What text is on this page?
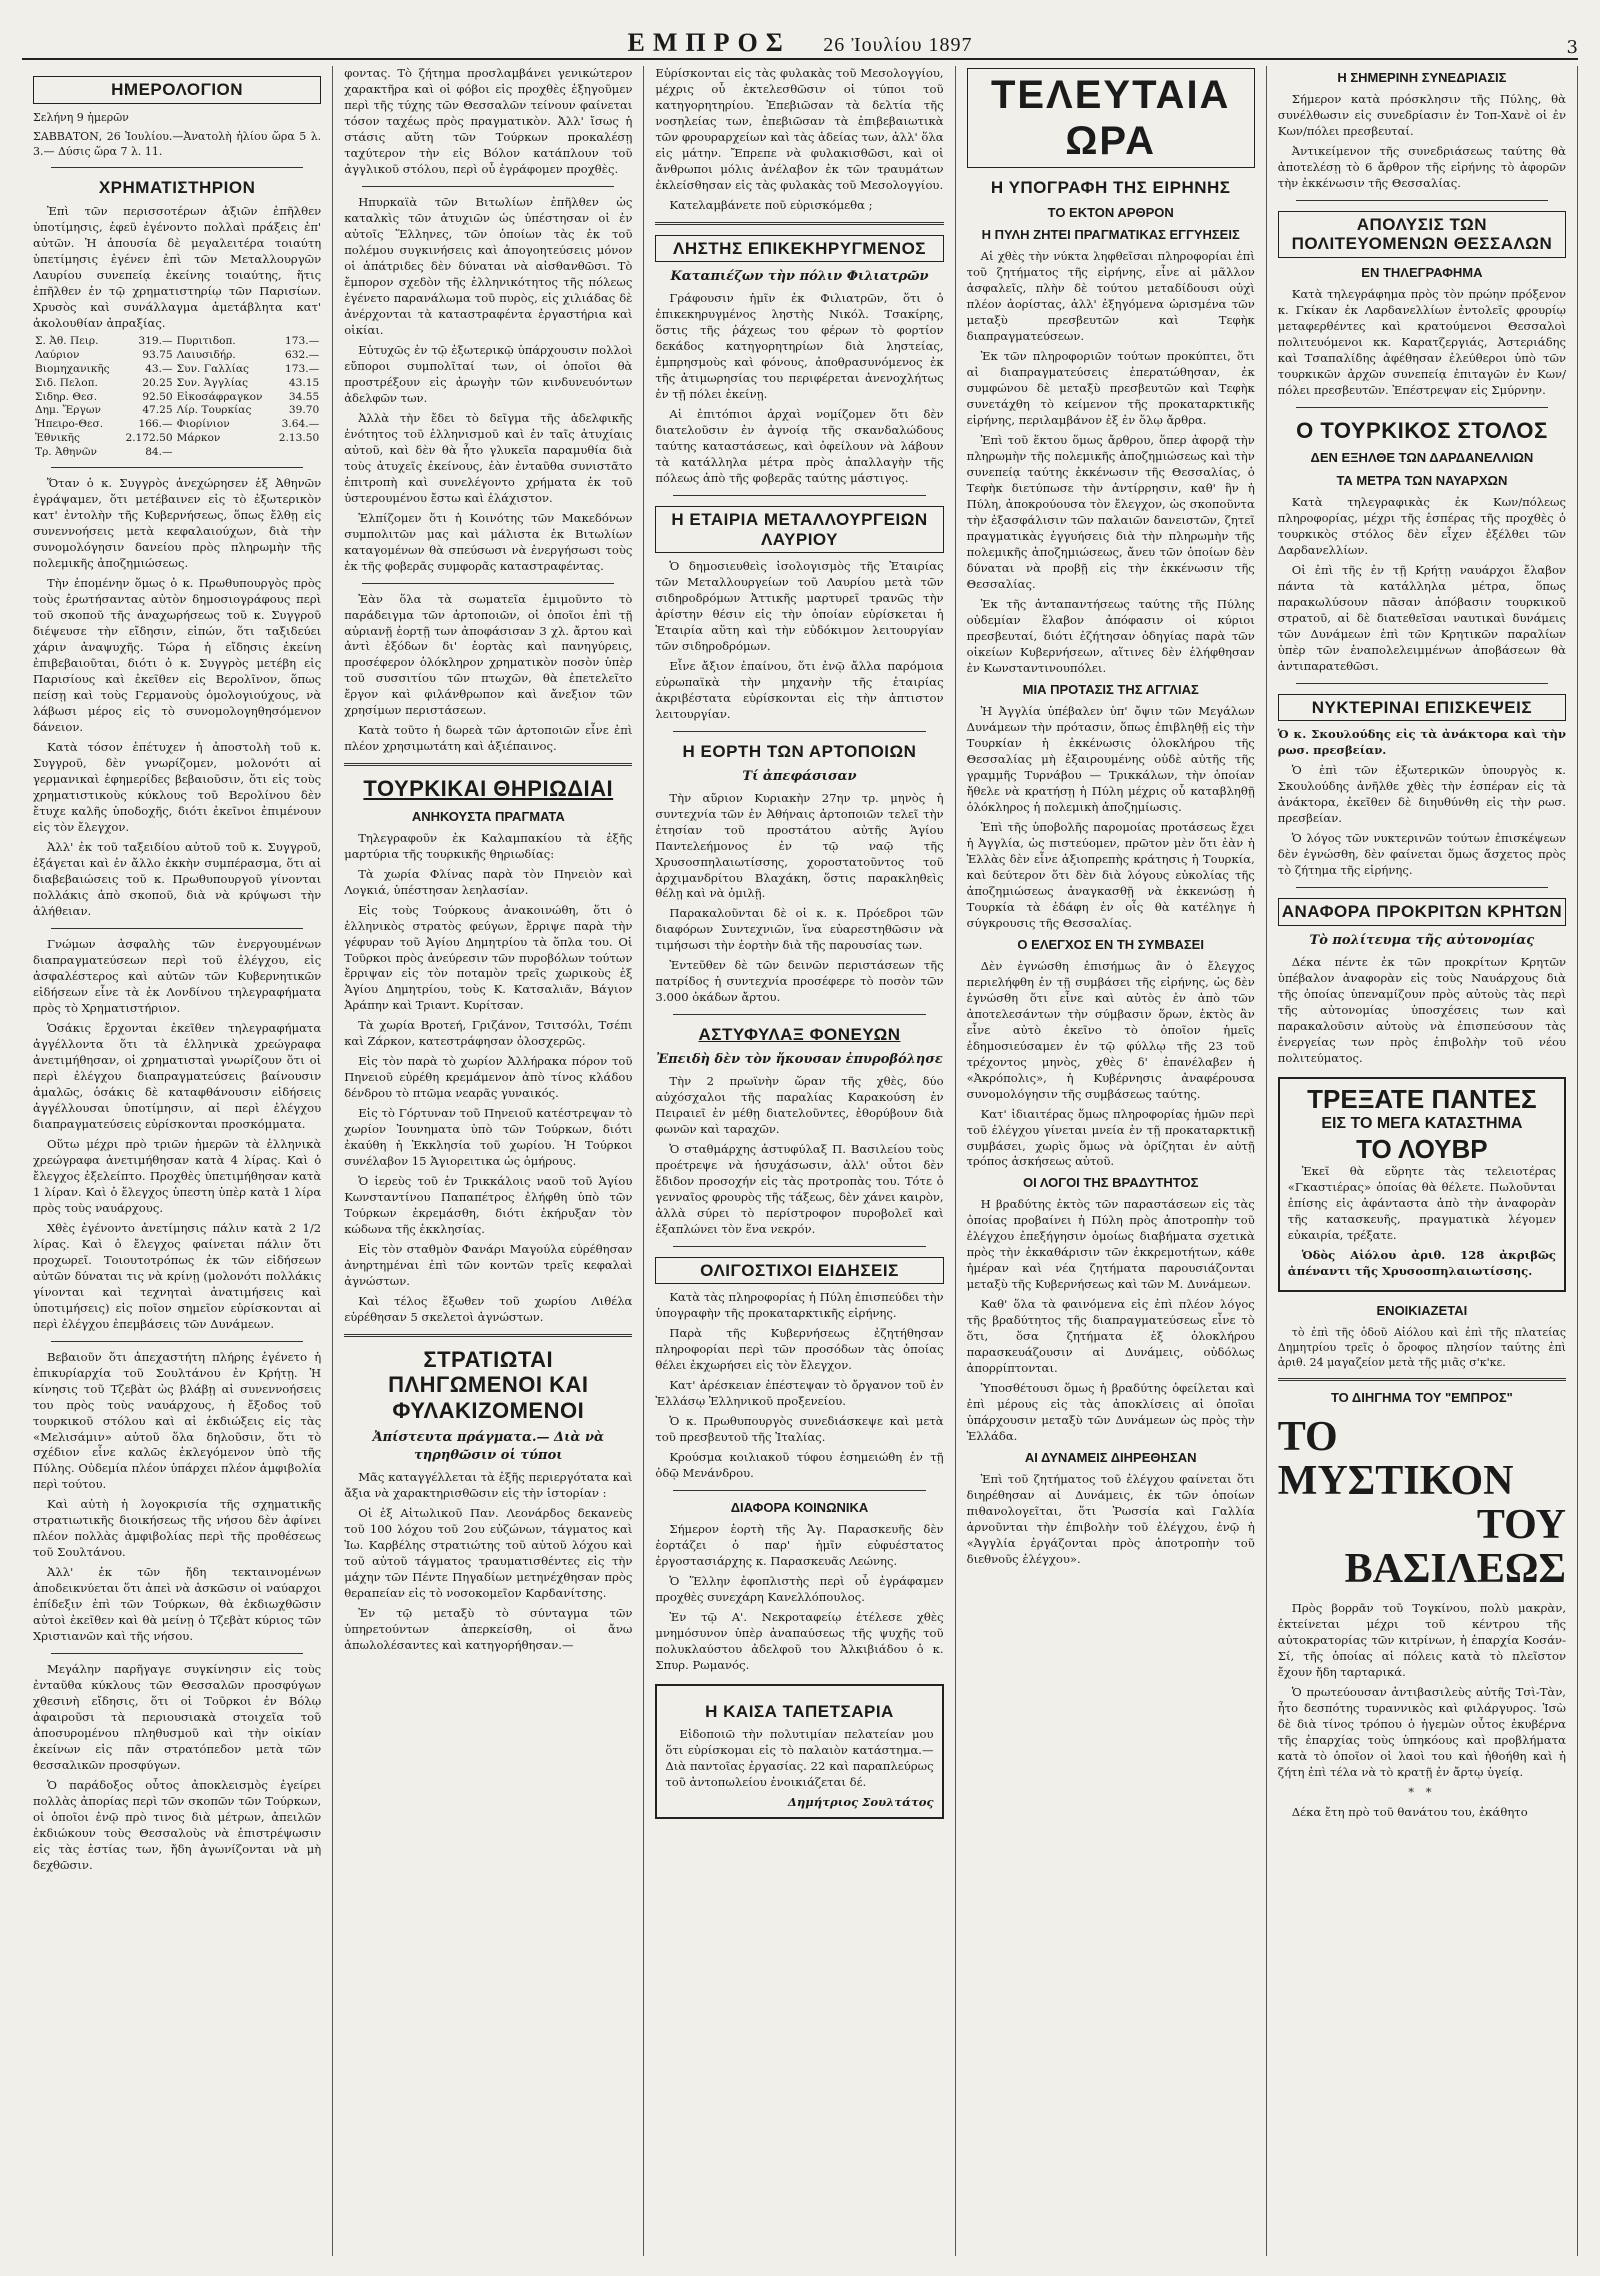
ΕΜΠΡΟΣ 26 Ἰουλίου 1897	3
ΗΜΕΡΟΛΟΓΙΟΝ

Σελήνη 9 ἡμερῶν

ΣΑΒΒΑΤΟΝ, 26 Ἰουλίου.—Ἀνατολὴ ἡλίου ὥρα 5 λ. 3.— Δύσις ὥρα 7 λ. 11.

ΧΡΗΜΑΤΙΣΤΗΡΙΟΝ

Ἐπὶ τῶν περισσοτέρων ἀξιῶν ἐπῆλθεν ὑποτίμησις, ἐφεῦ ἐγένοντο πολλαὶ πράξεις ἐπ' αὐτῶν. Ἡ ἀπουσία δὲ μεγαλειτέρα τοιαύτη ὑπετίμησις ἐγένεν ἐπὶ τῶν Μεταλλουργῶν Λαυρίου συνεπείᾳ ἐκείνης τοιαύτης, ἥτις ἐπῆλθεν ἐν τῷ χρηματιστηρίῳ τῶν Παρισίων. Χρυσὸς καὶ συνάλλαγμα ἀμετάβλητα κατ' ἀκολουθίαν ἀπραξίας.

Σ. Ἀθ. Πειρ.	319.—	Πυριτιδοπ.	173.—
Λαύριον	93.75	Λαιυσιδήρ.	632.—
Βιομηχανικῆς	43.—	Συν. Γαλλίας	173.—
Σιδ. Πελοπ.	20.25	Συν. Ἀγγλίας	43.15
Σιδηρ. Θεσ.	92.50	Εἰκοσάφραγκον	34.55
Δημ. Ἔργων	47.25	Λίρ. Τουρκίας	39.70
Ἠπειρο-Θεσ.	166.—	Φιορίνιον	3.64.—
Ἐθνικῆς	2.172.50	Μάρκον	2.13.50
Τρ. Ἀθηνῶν	84.—		

Ὅταν ὁ κ. Συγγρὸς ἀνεχώρησεν ἐξ Ἀθηνῶν ἐγράψαμεν, ὅτι μετέβαινεν εἰς τὸ ἐξωτερικὸν κατ' ἐντολὴν τῆς Κυβερνήσεως, ὅπως ἔλθῃ εἰς συνεννοήσεις μετὰ κεφαλαιούχων, διὰ τὴν συνομολόγησιν δανείου πρὸς πληρωμὴν τῆς πολεμικῆς ἀποζημιώσεως.

Τὴν ἐπομένην ὅμως ὁ κ. Πρωθυπουργὸς πρὸς τοὺς ἐρωτήσαντας αὐτὸν δημοσιογράφους περὶ τοῦ σκοποῦ τῆς ἀναχωρήσεως τοῦ κ. Συγγροῦ διέψευσε τὴν εἴδησιν, εἰπών, ὅτι ταξιδεύει χάριν ἀναψυχῆς. Τώρα ἡ εἴδησις ἐκείνη ἐπιβεβαιοῦται, διότι ὁ κ. Συγγρὸς μετέβη εἰς Παρισίους καὶ ἐκεῖθεν εἰς Βερολῖνον, ὅπως πείσῃ καὶ τοὺς Γερμανοὺς ὁμολογιούχους, νὰ λάβωσι μέρος εἰς τὸ συνομολογηθησόμενον δάνειον.

Κατὰ τόσον ἐπέτυχεν ἡ ἀποστολὴ τοῦ κ. Συγγροῦ, δὲν γνωρίζομεν, μολονότι αἱ γερμανικαὶ ἐφημερίδες βεβαιοῦσιν, ὅτι εἰς τοὺς χρηματιστικοὺς κύκλους τοῦ Βερολίνου δὲν ἔτυχε καλῆς ὑποδοχῆς, διότι ἐκεῖνοι ἐπιμένουν εἰς τὸν ἔλεγχον.

Ἀλλ' ἐκ τοῦ ταξειδίου αὐτοῦ τοῦ κ. Συγγροῦ, ἐξάγεται καὶ ἐν ἄλλο ἐκκὴν συμπέρασμα, ὅτι αἱ διαβεβαιώσεις τοῦ κ. Πρωθυπουργοῦ γίνονται πολλάκις ἀπὸ σκοποῦ, διὰ νὰ κρύψωσι τὴν ἀλήθειαν.

Γνώμων ἀσφαλὴς τῶν ἐνεργουμένων διαπραγματεύσεων περὶ τοῦ ἐλέγχου, εἰς ἀσφαλέστερος καὶ αὐτῶν τῶν Κυβερνητικῶν εἰδήσεων εἶνε τὰ ἐκ Λονδίνου τηλεγραφήματα πρὸς τὸ Χρηματιστήριον.

Ὁσάκις ἔρχονται ἐκεῖθεν τηλεγραφήματα ἀγγέλλοντα ὅτι τὰ ἑλληνικὰ χρεώγραφα ἀνετιμήθησαν, οἱ χρηματισταὶ γνωρίζουν ὅτι οἱ περὶ ἐλέγχου διαπραγματεύσεις βαίνουσιν ἀμαλῶς, ὁσάκις δὲ καταφθάνουσιν εἰδήσεις ἀγγέλλουσαι ὑποτίμησιν, αἱ περὶ ἐλέγχου διαπραγματεύσεις εὑρίσκονται προσκόμματα.

Οὕτω μέχρι πρὸ τριῶν ἡμερῶν τὰ ἑλληνικὰ χρεώγραφα ἀνετιμήθησαν κατὰ 4 λίρας. Καὶ ὁ ἔλεγχος ἐξελείπτο. Προχθὲς ὑπετιμήθησαν κατὰ 1 λίραν. Καὶ ὁ ἔλεγχος ὑπεστη ὑπὲρ κατὰ 1 λίρα πρὸς τοὺς ναυάρχους.

Χθὲς ἐγένοντο ἀνετίμησις πάλιν κατὰ 2 1/2 λίρας. Καὶ ὁ ἔλεγχος φαίνεται πάλιν ὅτι προχωρεῖ. Τοιουτοτρόπως ἐκ τῶν εἰδήσεων αὐτῶν δύναται τις νὰ κρίνῃ (μολονότι πολλάκις γίνονται καὶ τεχνηταὶ ἀνατιμήσεις καὶ ὑποτιμήσεις) εἰς ποῖον σημεῖον εὑρίσκονται αἱ περὶ ἐλέγχου ἐπεμβάσεις τῶν Δυνάμεων.

Βεβαιοῦν ὅτι ἀπεχαστήτη πλήρης ἐγένετο ἡ ἐπικυρίαρχία τοῦ Σουλτάνου ἐν Κρήτῃ. Ἡ κίνησις τοῦ Τζεβὰτ ὡς βλάβῃ αἱ συνεννοήσεις του πρὸς τοὺς ναυάρχους, ἡ ἔξοδος τοῦ τουρκικοῦ στόλου καὶ αἱ ἐκδιώξεις εἰς τὰς «Μελισάμιν» αὐτοῦ ὅλα δηλοῦσιν, ὅτι τὸ σχέδιον εἶνε καλῶς ἐκλεγόμενον ὑπὸ τῆς Πύλης. Οὐδεμία πλέον ὑπάρχει πλέον ἀμφιβολία περὶ τούτου.

Καὶ αὐτὴ ἡ λογοκρισία τῆς σχηματικῆς στρατιωτικῆς διοικήσεως τῆς νήσου δὲν ἀφίνει πλέον πολλὰς ἀμφιβολίας περὶ τῆς προθέσεως τοῦ Σουλτάνου.

Ἀλλ' ἐκ τῶν ἤδη τεκταινομένων ἀποδεικνύεται ὅτι ἀπεὶ νὰ ἀσκῶσιν οἱ ναύαρχοι ἐπίδεξιν ἐπὶ τῶν Τούρκων, θὰ ἐκδιωχθῶσιν αὐτοὶ ἐκεῖθεν καὶ θὰ μείνῃ ὁ Τζεβὰτ κύριος τῶν Χριστιανῶν καὶ τῆς νήσου.

Μεγάλην παρῆγαγε συγκίνησιν εἰς τοὺς ἐνταῦθα κύκλους τῶν Θεσσαλῶν προσφύγων χθεσινὴ εἴδησις, ὅτι οἱ Τοῦρκοι ἐν Βόλῳ ἀφαιροῦσι τὰ περιουσιακὰ στοιχεῖα τοῦ ἀποσυρομένου πληθυσμοῦ καὶ τὴν οἰκίαν ἐκείνων εἰς πᾶν στρατόπεδον μετὰ τῶν θεσσαλικῶν προσφύγων.

Ὁ παράδοξος οὗτος ἀποκλεισμὸς ἐγείρει πολλὰς ἀπορίας περὶ τῶν σκοπῶν τῶν Τούρκων, οἱ ὁποῖοι ἐνῷ πρὸ τινος διὰ μέτρων, ἀπειλῶν ἐκδιώκουν τοὺς Θεσσαλοὺς νὰ ἐπιστρέψωσιν εἰς τὰς ἑστίας των, ἤδη ἀγωνίζονται νὰ μὴ δεχθῶσιν.

φοντας. Τὸ ζήτημα προσλαμβάνει γενικώτερον χαρακτῆρα καὶ οἱ φόβοι εἰς προχθὲς ἐξηγοῦμεν περὶ τῆς τύχης τῶν Θεσσαλῶν τείνουν φαίνεται τόσον ταχέως πρὸς πραγματικὸν. Ἀλλ' ἴσως ἡ στάσις αὕτη τῶν Τούρκων προκαλέσῃ ταχύτερον τὴν εἰς Βόλον κατάπλουν τοῦ ἀγγλικοῦ στόλου, περὶ οὗ ἐγράφομεν προχθὲς.

Ηπυρκαϊὰ τῶν Βιτωλίων ἐπῆλθεν ὡς καταλκὶς τῶν ἀτυχιῶν ὡς ὑπέστησαν οἱ ἐν αὐτοῖς Ἕλληνες, τῶν ὁποίων τὰς ἐκ τοῦ πολέμου συγκινήσεις καὶ ἀπογοητεύσεις μόνον οἱ ἀπάτριδες δὲν δύναται νὰ αἰσθανθῶσι. Τὸ ἔμπορον σχεδὸν τῆς ἑλληνικότητος τῆς πόλεως ἐγένετο παρανάλωμα τοῦ πυρὸς, εἰς χιλιάδας δὲ ἀνέρχονται τὰ καταστραφέντα ἐργαστήρια καὶ οἰκίαι.

Εὐτυχῶς ἐν τῷ ἐξωτερικῷ ὑπάρχουσιν πολλοὶ εὔποροι συμπολῖταί των, οἱ ὁποῖοι θὰ προστρέξουν εἰς ἀρωγὴν τῶν κινδυνευόντων ἀδελφῶν των.

Ἀλλὰ τὴν ἔδει τὸ δεῖγμα τῆς ἀδελφικῆς ἐνότητος τοῦ ἑλληνισμοῦ καὶ ἐν ταῖς ἀτυχίαις αὐτοῦ, καὶ δὲν θὰ ἦτο γλυκεῖα παραμυθία διὰ τοὺς ἀτυχεῖς ἐκείνους, ἐὰν ἐνταῦθα συνιστᾶτο ἐπιτροπὴ καὶ συνελέγοντο χρήματα ἐκ τοῦ ὑστερουμένου ἔστω καὶ ἐλάχιστον.

Ἐλπίζομεν ὅτι ἡ Κοινότης τῶν Μακεδόνων συμπολιτῶν μας καὶ μάλιστα ἐκ Βιτωλίων καταγομένων θὰ σπεύσωσι νὰ ἐνεργήσωσι τοὺς ἐκ τῆς φοβερᾶς συμφορᾶς καταστραφέντας.

Ἐὰν ὅλα τὰ σωματεῖα ἐμιμοῦντο τὸ παράδειγμα τῶν ἀρτοποιῶν, οἱ ὁποῖοι ἐπὶ τῇ αὐριανῇ ἑορτῇ των ἀποφάσισαν 3 χλ. ἄρτου καὶ ἀντὶ ἐξόδων δι' ἑορτὰς καὶ πανηγύρεις, προσέφερον ὁλόκληρον χρηματικὸν ποσὸν ὑπὲρ τοῦ συσσιτίου τῶν πτωχῶν, θὰ ἐπετελεῖτο ἔργον καὶ φιλάνθρωπον καὶ ἄνεξιον τῶν χρησίμων περιστάσεων.

Κατὰ τοῦτο ἡ δωρεὰ τῶν ἀρτοποιῶν εἶνε ἐπὶ πλέον χρησιμωτάτη καὶ ἀξιέπαινος.

ΤΟΥΡΚΙΚΑΙ ΘΗΡΙΩΔΙΑΙ
ΑΝΗΚΟΥΣΤΑ ΠΡΑΓΜΑΤΑ

Τηλεγραφοῦν ἐκ Καλαμπακίου τὰ ἑξῆς μαρτύρια τῆς τουρκικῆς θηριωδίας:

Τὰ χωρία Φλίνας παρὰ τὸν Πηνειὸν καὶ Λογκιά, ὑπέστησαν λεηλασίαν.

Εἰς τοὺς Τούρκους ἀνακοινώθη, ὅτι ὁ ἑλληνικὸς στρατὸς φεύγων, ἔρριψε παρὰ τὴν γέφυραν τοῦ Ἀγίου Δημητρίου τὰ ὅπλα του. Οἱ Τοῦρκοι πρὸς ἀνεύρεσιν τῶν πυροβόλων τούτων ἔρριψαν εἰς τὸν ποταμὸν τρεῖς χωρικοὺς ἐξ Ἁγίου Δημητρίου, τοὺς Κ. Κατσαλιᾶν, Βάγιον Ἀράπην καὶ Τριαντ. Κυρίτσαν.

Τὰ χωρία Βροτεή, Γριζάνον, Τσιτσόλι, Τσέπι καὶ Ζάρκον, κατεστράφησαν ὁλοσχερῶς.

Εἰς τὸν παρὰ τὸ χωρίον Ἀλλήρακα πόρον τοῦ Πηνειοῦ εὑρέθη κρεμάμενον ἀπὸ τίνος κλάδου δένδρου τὸ πτῶμα νεαρᾶς γυναικός.

Εἰς τὸ Γόρτυναν τοῦ Πηνειοῦ κατέστρεψαν τὸ χωρίον Ἰουνηματα ὑπὸ τῶν Τούρκων, διότι ἐκαύθη ἡ Ἐκκλησία τοῦ χωρίου. Ἡ Τούρκοι συνέλαβον 15 Ἁγιορειτικα ὡς ὁμήρους.

Ὁ ἱερεὺς τοῦ ἐν Τρικκάλοις ναοῦ τοῦ Ἁγίου Κωνσταντίνου Παπαπέτρος ἐλήφθη ὑπὸ τῶν Τούρκων ἐκρεμάσθη, διότι ἐκήρυξαν τὸν κώδωνα τῆς ἐκκλησίας.

Εἰς τὸν σταθμὸν Φανάρι Μαγούλα εὑρέθησαν ἀνηρτημέναι ἐπὶ τῶν κοντῶν τρεῖς κεφαλαὶ ἀγνώστων.

Καὶ τέλος ἔξωθεν τοῦ χωρίου Λιθέλα εὑρέθησαν 5 σκελετοὶ ἀγνώστων.

ΣΤΡΑΤΙΩΤΑΙ ΠΛΗΓΩΜΕΝΟΙ ΚΑΙ ΦΥΛΑΚΙΖΟΜΕΝΟΙ
Ἀπίστευτα πράγματα.— Διὰ νὰ τηρηθῶσιν οἱ τύποι

Μᾶς καταγγέλλεται τὰ ἑξῆς περιεργότατα καὶ ἄξια νὰ χαρακτηρισθῶσιν εἰς τὴν ἱστορίαν :

Οἱ ἐξ Αἰτωλικοῦ Παν. Λεονάρδος δεκανεὺς τοῦ 100 λόχου τοῦ 2ου εὐζώνων, τάγματος καὶ Ἰω. Καρβέλης στρατιώτης τοῦ αὐτοῦ λόχου καὶ τοῦ αὐτοῦ τάγματος τραυματισθέντες εἰς τὴν μάχην τῶν Πέντε Πηγαδίων μετηνέχθησαν πρὸς θεραπείαν εἰς τὸ νοσοκομεῖον Καρδανίτσης.

Ἐν τῷ μεταξὺ τὸ σύνταγμα τῶν ὑπηρετούντων ἀπερκείσθη, οἱ ἄνω ἀπωλολέσαντες καὶ κατηγορήθησαν.—

Εὑρίσκονται εἰς τὰς φυλακὰς τοῦ Μεσολογγίου, μέχρις οὗ ἐκτελεσθῶσιν οἱ τύποι τοῦ κατηγορητηρίου. Ἐπεβιῶσαν τὰ δελτία τῆς νοσηλείας των, ἐπεβιῶσαν τὰ ἐπιβεβαιωτικὰ τῶν φρουραρχείων καὶ τὰς ἀδείας των, ἀλλ' ὅλα εἰς μάτην. Ἔπρεπε νὰ φυλακισθῶσι, καὶ οἱ ἄνθρωποι μόλις ἀνέλαβον ἐκ τῶν τραυμάτων ἐκλείσθησαν εἰς τὰς φυλακὰς τοῦ Μεσολογγίου.

Κατελαμβάνετε ποῦ εὑρισκόμεθα ;

ΛΗΣΤΗΣ ΕΠΙΚΕΚΗΡΥΓΜΕΝΟΣ
Καταπιέζων τὴν πόλιν Φιλιατρῶν

Γράφουσιν ἡμῖν ἐκ Φιλιατρῶν, ὅτι ὁ ἐπικεκηρυγμένος ληστὴς Νικόλ. Τσακίρης, ὅστις τῆς ῥάχεως του φέρων τὸ φορτίον δεκάδος κατηγορητηρίων διὰ ληστείας, ἐμπρησμοὺς καὶ φόνους, ἀποθρασυνόμενος ἐκ τῆς ἀτιμωρησίας του περιφέρεται ἀνενοχλήτως ἐν τῇ πόλει ἐκείνῃ.

Αἱ ἐπιτόπιοι ἀρχαὶ νομίζομεν ὅτι δὲν διατελοῦσιν ἐν ἀγνοίᾳ τῆς σκανδαλώδους ταύτης καταστάσεως, καὶ ὀφείλουν νὰ λάβουν τὰ κατάλληλα μέτρα πρὸς ἀπαλλαγὴν τῆς πόλεως ἀπὸ τῆς φοβερᾶς ταύτης μάστιγος.

Η ΕΤΑΙΡΙΑ ΜΕΤΑΛΛΟΥΡΓΕΙΩΝ ΛΑΥΡΙΟΥ

Ὁ δημοσιευθεὶς ἰσολογισμὸς τῆς Ἑταιρίας τῶν Μεταλλουργείων τοῦ Λαυρίου μετὰ τῶν σιδηροδρόμων Ἀττικῆς μαρτυρεῖ τρανῶς τὴν ἀρίστην θέσιν εἰς τὴν ὁποίαν εὑρίσκεται ἡ Ἑταιρία αὕτη καὶ τὴν εὐδόκιμον λειτουργίαν τῶν σιδηροδρόμων.

Εἶνε ἄξιον ἐπαίνου, ὅτι ἐνῷ ἄλλα παρόμοια εὑρωπαϊκὰ τὴν μηχανὴν τῆς ἑταιρίας ἀκριβέστατα εὑρίσκονται εἰς τὴν ἀπτιστον λειτουργίαν.

Η ΕΟΡΤΗ ΤΩΝ ΑΡΤΟΠΟΙΩΝ
Τί ἀπεφάσισαν

Τὴν αὔριον Κυριακὴν 27ην τρ. μηνὸς ἡ συντεχνία τῶν ἐν Ἀθήναις ἀρτοποιῶν τελεῖ τὴν ἐτησίαν τοῦ προστάτου αὐτῆς Ἁγίου Παντελεήμονος ἐν τῷ ναῷ τῆς Χρυσοσπηλαιωτίσσης, χοροστατοῦντος τοῦ ἀρχιμανδρίτου Βλαχάκη, ὅστις παρακληθεὶς θέλῃ καὶ νὰ ὁμιλῇ.

Παρακαλοῦνται δὲ οἱ κ. κ. Πρόεδροι τῶν διαφόρων Συντεχνιῶν, ἵνα εὐαρεστηθῶσιν νὰ τιμήσωσι τὴν ἑορτὴν διὰ τῆς παρουσίας των.

Ἐντεῦθεν δὲ τῶν δεινῶν περιστάσεων τῆς πατρίδος ἡ συντεχνία προσέφερε τὸ ποσὸν τῶν 3.000 ὀκάδων ἄρτου.

ΑΣΤΥΦΥΛΑΞ ΦΟΝΕΥΩΝ
Ἐπειδὴ δὲν τὸν ἤκουσαν ἐπυροβόλησε

Τὴν 2 πρωϊνὴν ὥραν τῆς χθὲς, δύο αὐχόσχαλοι τῆς παραλίας Καρακούση ἐν Πειραιεῖ ἐν μέθῃ διατελοῦντες, ἐθορύβουν διὰ φωνῶν καὶ ταραχῶν.

Ὁ σταθμάρχης ἀστυφύλαξ Π. Βασιλείου τοὺς προέτρεψε νὰ ἡσυχάσωσιν, ἀλλ' οὗτοι δὲν ἔδιδον προσοχήν εἰς τὰς προτροπὰς του. Τότε ὁ γενναῖος φρουρὸς τῆς τάξεως, δὲν χάνει καιρὸν, ἀλλὰ σύρει τὸ περίστροφον πυροβολεῖ καὶ ἐξαπλώνει τὸν ἕνα νεκρόν.

ΟΛΙΓΟΣΤΙΧΟΙ ΕΙΔΗΣΕΙΣ

Κατὰ τὰς πληροφορίας ἡ Πύλη ἐπισπεύδει τὴν ὑπογραφὴν τῆς προκαταρκτικῆς εἰρήνης.

Παρὰ τῆς Κυβερνήσεως ἐζητήθησαν πληροφορίαι περὶ τῶν προσόδων τὰς ὁποίας θέλει ἐκχωρήσει εἰς τὸν ἔλεγχον.

Κατ' ἀρέσκειαν ἐπέστεψαν τὸ ὄργανον τοῦ ἐν Ἐλλάσῳ Ἑλληνικοῦ προξενείου.

Ὁ κ. Πρωθυπουργὸς συνεδιάσκεψε καὶ μετὰ τοῦ πρεσβευτοῦ τῆς Ἰταλίας.

Κρούσμα κοιλιακοῦ τύφου ἐσημειώθη ἐν τῇ ὁδῷ Μενάνδρου.

ΔΙΑΦΟΡΑ ΚΟΙΝΩΝΙΚΑ

Σήμερον ἑορτὴ τῆς Ἁγ. Παρασκευῆς δὲν ἑορτάζει ὁ παρ' ἡμῖν εὐφυέστατος ἐργοστασιάρχης κ. Παρασκευᾶς Λεώνης.

Ὁ Ἕλλην ἐφοπλιστὴς περὶ οὗ ἐγράφαμεν προχθὲς συνεχάρη Κανελλόπουλος.

Ἐν τῷ Α'. Νεκροταφείῳ ἐτέλεσε χθὲς μνημόσυνον ὑπὲρ ἀναπαύσεως τῆς ψυχῆς τοῦ πολυκλαύστου ἀδελφοῦ του Ἀλκιβιάδου ὁ κ. Σπυρ. Ρωμανός.

Η ΚΑΙΣΑ ΤΑΠΕΤΣΑΡΙΑ

Εἰδοποιῶ τὴν πολυτιμίαν πελατείαν μου ὅτι εὑρίσκομαι εἰς τὸ παλαιὸν κατάστημα.— Διὰ παντοῖας ἐργασίας. 22 καὶ παραπλεύρως τοῦ ἀντοπωλείου ἐνοικιάζεται δέ.

Δημήτριος Σουλτάτος
ΤΕΛΕΥΤΑΙΑ ΩΡΑ
Η ΥΠΟΓΡΑΦΗ ΤΗΣ ΕΙΡΗΝΗΣ
ΤΟ ΕΚΤΟΝ ΑΡΘΡΟΝ
Η ΠΥΛΗ ΖΗΤΕΙ ΠΡΑΓΜΑΤΙΚΑΣ ΕΓΓΥΗΣΕΙΣ

Αἱ χθὲς τὴν νύκτα ληφθεῖσαι πληροφορίαι ἐπὶ τοῦ ζητήματος τῆς εἰρήνης, εἶνε αἱ μᾶλλον ἀσφαλεῖς, πλὴν δὲ τούτου μεταδίδουσι οὐχὶ πλέον ἀορίστας, ἀλλ' ἐξηγόμενα ὡρισμένα τῶν μεταξὺ πρεσβευτῶν καὶ Τεφὴκ διαπραγματεύσεων.

Ἐκ τῶν πληροφοριῶν τούτων προκύπτει, ὅτι αἱ διαπραγματεύσεις ἐπερατώθησαν, ἐκ συμφώνου δὲ μεταξὺ πρεσβευτῶν καὶ Τεφὴκ συνετάχθη τὸ κείμενον τῆς προκαταρκτικῆς εἰρήνης, περιλαμβάνον ἐξ ἐν ὅλῳ ἄρθρα.

Ἐπὶ τοῦ ἕκτου ὅμως ἄρθρου, ὅπερ ἀφορᾷ τὴν πληρωμὴν τῆς πολεμικῆς ἀποζημιώσεως καὶ τὴν συνεπείᾳ ταύτης ἐκκένωσιν τῆς Θεσσαλίας, ὁ Τεφὴκ διετύπωσε τὴν ἀντίρρησιν, καθ' ἣν ἡ Πύλη, ἀποκρούουσα τὸν ἔλεγχον, ὡς σκοποῦντα τὴν ἐξασφάλισιν τῶν παλαιῶν δανειστῶν, ζητεῖ πραγματικὰς ἐγγυήσεις διὰ τὴν πληρωμὴν τῆς πολεμικῆς ἀποζημιώσεως, ἄνευ τῶν ὁποίων δὲν δύναται νὰ προβῇ εἰς τὴν ἐκκένωσιν τῆς Θεσσαλίας.

Ἐκ τῆς ἀνταπαντήσεως ταύτης τῆς Πύλης οὐδεμίαν ἔλαβον ἀπόφασιν οἱ κύριοι πρεσβευταί, διότι ἐζήτησαν ὁδηγίας παρὰ τῶν οἰκείων Κυβερνήσεων, αἵτινες δὲν ἐλήφθησαν ἐν Κωνσταντινουπόλει.

ΜΙΑ ΠΡΟΤΑΣΙΣ ΤΗΣ ΑΓΓΛΙΑΣ

Ἡ Ἀγγλία ὑπέβαλεν ὑπ' ὄψιν τῶν Μεγάλων Δυνάμεων τὴν πρότασιν, ὅπως ἐπιβληθῇ εἰς τὴν Τουρκίαν ἡ ἐκκένωσις ὁλοκλήρου τῆς Θεσσαλίας μὴ ἐξαιρουμένης οὐδὲ αὐτῆς τῆς γραμμῆς Τυρνάβου — Τρικκάλων, τὴν ὁποίαν ἤθελε νὰ κρατήσῃ ἡ Πύλη μέχρις οὗ καταβληθῇ ὁλόκληρος ἡ πολεμικὴ ἀποζημίωσις.

Ἐπὶ τῆς ὑποβολῆς παρομοίας προτάσεως ἔχει ἡ Ἀγγλία, ὡς πιστεύομεν, πρῶτον μὲν ὅτι ἐὰν ἡ Ἑλλὰς δὲν εἶνε ἀξιοπρεπὴς κράτησις ἡ Τουρκία, καὶ δεύτερον ὅτι δὲν διὰ λόγους εὐκολίας τῆς ἀποζημιώσεως ἀναγκασθῇ νὰ ἐκκενώσῃ ἡ Τουρκία τὰ ἐδάφη ἐν οἷς θὰ κατέληγε ἡ σύγκρουσις τῆς Θεσσαλίας.

Ο ΕΛΕΓΧΟΣ ΕΝ ΤΗ ΣΥΜΒΑΣΕΙ

Δὲν ἐγνώσθη ἐπισήμως ἂν ὁ ἔλεγχος περιελήφθη ἐν τῇ συμβάσει τῆς εἰρήνης, ὡς δὲν ἐγνώσθη ὅτι εἶνε καὶ αὐτὸς ἐν ἀπὸ τῶν ἀποτελεσάντων τὴν σύμβασιν ὅρων, ἐκτὸς ἂν εἶνε αὐτὸ ἐκεῖνο τὸ ὁποῖον ἡμεῖς ἐδημοσιεύσαμεν ἐν τῷ φύλλῳ τῆς 23 τοῦ τρέχοντος μηνὸς, χθὲς δ' ἐπανέλαβεν ἡ «Ἀκρόπολις», ἡ Κυβέρνησις ἀναφέρουσα συνομολόγησιν τῆς συμβάσεως ταύτης.

Κατ' ἰδιαιτέρας ὅμως πληροφορίας ἡμῶν περὶ τοῦ ἐλέγχου γίνεται μνεία ἐν τῇ προκαταρκτικῇ συμβάσει, χωρὶς ὅμως νὰ ὁρίζηται ἐν αὐτῇ τρόπος ἀσκήσεως αὐτοῦ.

ΟΙ ΛΟΓΟΙ ΤΗΣ ΒΡΑΔΥΤΗΤΟΣ

Η βραδύτης ἐκτὸς τῶν παραστάσεων εἰς τὰς ὁποίας προβαίνει ἡ Πύλη πρὸς ἀποτροπὴν τοῦ ἐλέγχου ἐπεξήγησιν ὁμοίως διαβήματα σχετικὰ πρὸς τὴν ἐκκαθάρισιν τῶν ἐκκρεμοτήτων, κάθε ἡμέραν καὶ νέα ζητήματα παρουσιάζονται μεταξὺ τῆς Κυβερνήσεως καὶ τῶν Μ. Δυνάμεων.

Καθ' ὅλα τὰ φαινόμενα εἰς ἐπὶ πλέον λόγος τῆς βραδύτητος τῆς διαπραγματεύσεως εἶνε τὸ ὅτι, ὅσα ζητήματα ἐξ ὁλοκλήρου παρασκευάζουσιν αἱ Δυνάμεις, οὐδόλως ἀπορρίπτονται.

Ὑποσθέτουσι ὅμως ἡ βραδύτης ὀφείλεται καὶ ἐπὶ μέρους εἰς τὰς ἀποκλίσεις αἱ ὁποῖαι ὑπάρχουσιν μεταξὺ τῶν Δυνάμεων ὡς πρὸς τὴν Ἑλλάδα.

ΑΙ ΔΥΝΑΜΕΙΣ ΔΙΗΡΕΘΗΣΑΝ

Ἐπὶ τοῦ ζητήματος τοῦ ἐλέγχου φαίνεται ὅτι διηρέθησαν αἱ Δυνάμεις, ἐκ τῶν ὁποίων πιθανολογεῖται, ὅτι Ῥωσσία καὶ Γαλλία ἀρνοῦνται τὴν ἐπιβολὴν τοῦ ἐλέγχου, ἐνῷ ἡ «Ἀγγλία ἐργάζονται πρὸς ἀποτροπὴν τοῦ διεθνοῦς ἐλέγχου».

Η ΣΗΜΕΡΙΝΗ ΣΥΝΕΔΡΙΑΣΙΣ

Σήμερον κατὰ πρόσκλησιν τῆς Πύλης, θὰ συνέλθωσιν εἰς συνεδρίασιν ἐν Τοπ-Χανὲ οἱ ἐν Κων/πόλει πρεσβευταί.

Ἀντικείμενον τῆς συνεδριάσεως ταύτης θὰ ἀποτελέσῃ τὸ 6 ἄρθρον τῆς εἰρήνης τὸ ἀφορῶν τὴν ἐκκένωσιν τῆς Θεσσαλίας.

ΑΠΟΛΥΣΙΣ ΤΩΝ ΠΟΛΙΤΕΥΟΜΕΝΩΝ ΘΕΣΣΑΛΩΝ
ΕΝ ΤΗΛΕΓΡΑΦΗΜΑ

Κατὰ τηλεγράφημα πρὸς τὸν πρώην πρόξενον κ. Γκίκαν ἐκ Λαρδανελλίων ἐντολεῖς φρουρίῳ μεταφερθέντες καὶ κρατούμενοι Θεσσαλοὶ πολιτευόμενοι κκ. Καρατζεργιάς, Ἀστεριάδης καὶ Τσαπαλίδης ἀφέθησαν ἐλεύθεροι ὑπὸ τῶν τουρκικῶν ἀρχῶν συνεπείᾳ ἐπιταγῶν ἐν Κων/πόλει πρεσβευτῶν. Ἐπέστρεψαν εἰς Σμύρνην.

Ο ΤΟΥΡΚΙΚΟΣ ΣΤΟΛΟΣ
ΔΕΝ ΕΞΗΛΘΕ ΤΩΝ ΔΑΡΔΑΝΕΛΛΙΩΝ
ΤΑ ΜΕΤΡΑ ΤΩΝ ΝΑΥΑΡΧΩΝ

Κατὰ τηλεγραφικὰς ἐκ Κων/πόλεως πληροφορίας, μέχρι τῆς ἑσπέρας τῆς προχθὲς ὁ τουρκικὸς στόλος δὲν εἶχεν ἐξέλθει τῶν Δαρδανελλίων.

Οἱ ἐπὶ τῆς ἐν τῇ Κρήτῃ ναυάρχοι ἔλαβον πάντα τὰ κατάλληλα μέτρα, ὅπως παρακωλύσουν πᾶσαν ἀπόβασιν τουρκικοῦ στρατοῦ, αἱ δὲ διατεθεῖσαι ναυτικαὶ δυνάμεις τῶν Δυνάμεων ἐπὶ τῶν Κρητικῶν παραλίων ὑπὲρ τῶν ἐναπολελειμμένων ἀποβάσεων θὰ ἀντιπαρατεθῶσι.

ΝΥΚΤΕΡΙΝΑΙ ΕΠΙΣΚΕΨΕΙΣ

Ὁ κ. Σκουλούδης εἰς τὰ ἀνάκτορα καὶ τὴν ρωσ. πρεσβείαν.

Ὁ ἐπὶ τῶν ἐξωτερικῶν ὑπουργὸς κ. Σκουλούδης ἀνῆλθε χθὲς τὴν ἑσπέραν εἰς τὰ ἀνάκτορα, ἐκεῖθεν δὲ διηυθύνθη εἰς τὴν ρωσ. πρεσβείαν.

Ὁ λόγος τῶν νυκτερινῶν τούτων ἐπισκέψεων δὲν ἐγνώσθη, δὲν φαίνεται ὅμως ἄσχετος πρὸς τὸ ζήτημα τῆς εἰρήνης.

ΑΝΑΦΟΡΑ ΠΡΟΚΡΙΤΩΝ ΚΡΗΤΩΝ
Τὸ πολίτευμα τῆς αὐτονομίας

Δέκα πέντε ἐκ τῶν προκρίτων Κρητῶν ὑπέβαλον ἀναφορὰν εἰς τοὺς Ναυάρχους διὰ τῆς ὁποίας ὑπεναμίζουν πρὸς αὐτοὺς τὰς περὶ τῆς αὐτονομίας ὑποσχέσεις των καὶ παρακαλοῦσιν αὐτοὺς νὰ ἐπισπεύσουν τὰς ἐνεργείας των πρὸς ἐπιβολὴν τοῦ νέου πολιτεύματος.

ΤΡΕΞΑΤΕ ΠΑΝΤΕΣ
ΕΙΣ ΤΟ ΜΕΓΑ ΚΑΤΑΣΤΗΜΑ
ΤΟ ΛΟΥΒΡ

Ἐκεῖ θὰ εὕρητε τὰς τελειοτέρας «Γκαστιέρας» ὁποίας θὰ θέλετε. Πωλοῦνται ἐπίσης εἰς ἀφάνταστα ἀπὸ τὴν ἀναφορὰν τῆς κατασκευῆς, πραγματικὰ λέγομεν εὐκαιρία, τρέξατε.

Ὁδὸς Αἰόλου ἀριθ. 128 ἀκριβῶς ἀπέναντι τῆς Χρυσοσπηλαιωτίσσης.

ΕΝΟΙΚΙΑΖΕΤΑΙ

τὸ ἐπὶ τῆς ὁδοῦ Αἰόλου καὶ ἐπὶ τῆς πλατείας Δημητρίου τρεῖς ὁ ὄροφος πλησίον ταύτης ἐπὶ ἀριθ. 24 μαγαζείον μετὰ τῆς μιᾶς σ'κ'κε.

ΤΟ ΔΙΗΓΗΜΑ ΤΟΥ "ΕΜΠΡΟΣ"
ΤΟ ΜΥΣΤΙΚΟΝ
ΤΟΥ ΒΑΣΙΛΕΩΣ

Πρὸς βορρᾶν τοῦ Τογκίνου, πολὺ μακρὰν, ἐκτείνεται μέχρι τοῦ κέντρου τῆς αὐτοκρατορίας τῶν κιτρίνων, ἡ ἐπαρχία Κοσάν-Σί, τῆς ὁποίας αἱ πόλεις κατὰ τὸ πλεῖστον ἔχουν ἤδη ταρταρικά.

Ὁ πρωτεύουσαν ἀντιβασιλεὺς αὐτῆς Τσὶ-Τὰν, ἦτο δεσπότης τυραννικὸς καὶ φιλάργυρος. Ἰσὼ δὲ διὰ τίνος τρόπου ὁ ἡγεμὼν οὗτος ἐκυβέρνα τῆς ἐπαρχίας τοὺς ὑπηκόους καὶ προβλήματα κατὰ τὸ ὁποῖον οἱ λαοὶ του καὶ ἠθοήθη καὶ ἡ ζήτη ἐπὶ τέλα νὰ τὸ κρατῇ ἐν ἄρτῳ ὑγείᾳ.

* *

Δέκα ἔτη πρὸ τοῦ θανάτου του, ἐκάθητο
